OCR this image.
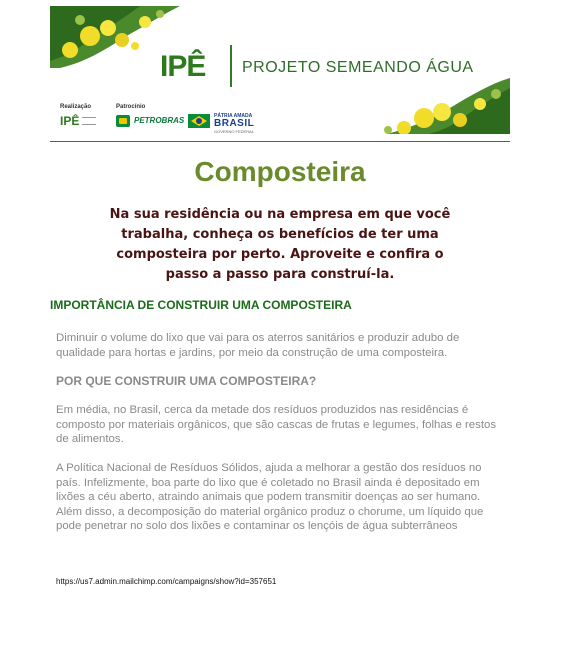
IPÊ PROJETO SEMEANDO ÁGUA
Realização	Patrocínio
IPÊ	PETROBRAS	PÁTRIA AMADA
BRASIL
GOVERNO FEDERAL
Composteira
Na sua residência ou na empresa em que você trabalha, conheça os benefícios de ter uma composteira por perto. Aproveite e confira o passo a passo para construí-la.
IMPORTÂNCIA DE CONSTRUIR UMA COMPOSTEIRA
Diminuir o volume do lixo que vai para os aterros sanitários e produzir adubo de qualidade para hortas e jardins, por meio da construção de uma composteira.
POR QUE CONSTRUIR UMA COMPOSTEIRA?
Em média, no Brasil, cerca da metade dos resíduos produzidos nas residências é composto por materiais orgânicos, que são cascas de frutas e legumes, folhas e restos de alimentos.
A Política Nacional de Resíduos Sólidos, ajuda a melhorar a gestão dos resíduos no país. Infelizmente, boa parte do lixo que é coletado no Brasil ainda é depositado em lixões a céu aberto, atraindo animais que podem transmitir doenças ao ser humano. Além disso, a decomposição do material orgânico produz o chorume, um líquido que pode penetrar no solo dos lixões e contaminar os lençóis de água subterrâneos
https://us7.admin.mailchimp.com/campaigns/show?id=357651
